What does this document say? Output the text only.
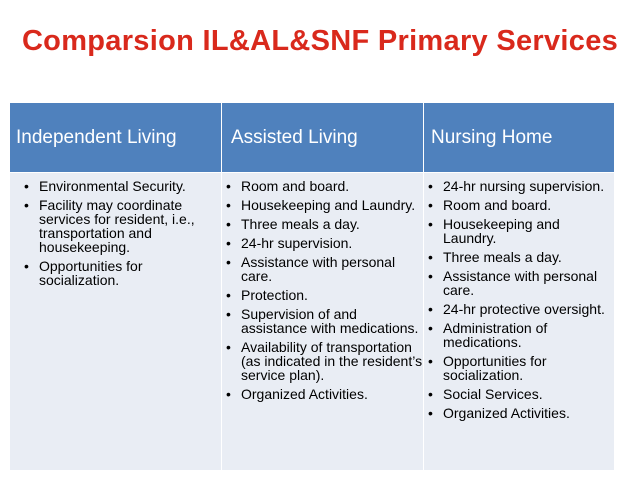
Comparsion IL&AL&SNF Primary Services
Independent Living	Assisted Living	Nursing Home
• Environmental Security.
• Facility may coordinate services for resident, i.e., transportation and housekeeping.
• Opportunities for socialization.
• Room and board.
• Housekeeping and Laundry.
• Three meals a day.
• 24-hr supervision.
• Assistance with personal care.
• Protection.
• Supervision of and assistance with medications.
• Availability of transportation (as indicated in the resident’s service plan).
• Organized Activities.
• 24-hr nursing supervision.
• Room and board.
• Housekeeping and Laundry.
• Three meals a day.
• Assistance with personal care.
• 24-hr protective oversight.
• Administration of medications.
• Opportunities for socialization.
• Social Services.
• Organized Activities.
